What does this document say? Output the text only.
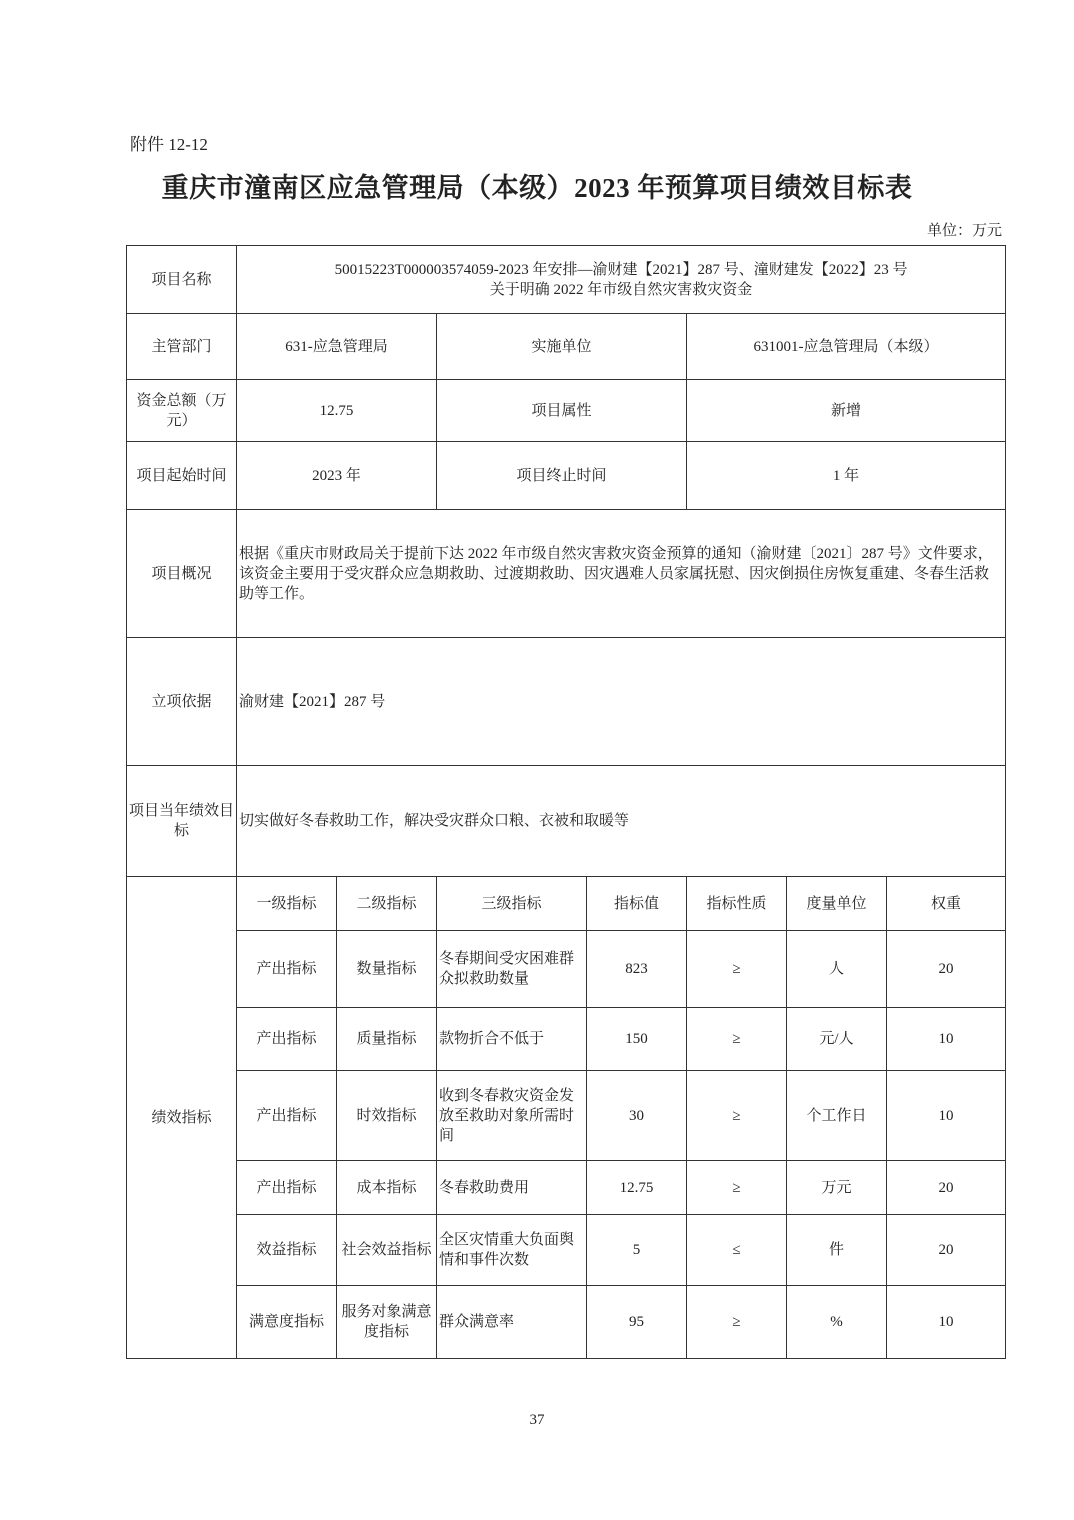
附件 12-12
重庆市潼南区应急管理局（本级）2023 年预算项目绩效目标表
单位：万元
项目名称	50015223T000003574059-2023 年安排—渝财建【2021】287 号、潼财建发【2022】23 号
关于明确 2022 年市级自然灾害救灾资金						

主管部门	631-应急管理局		实施单位		631001-应急管理局（本级）		
资金总额（万元）	12.75		项目属性		新增		
项目起始时间	2023 年		项目终止时间		1 年		
项目概况	根据《重庆市财政局关于提前下达 2022 年市级自然灾害救灾资金预算的通知（渝财建〔2021〕287 号》文件要求，该资金主要用于受灾群众应急期救助、过渡期救助、因灾遇难人员家属抚慰、因灾倒损住房恢复重建、冬春生活救助等工作。						
立项依据	渝财建【2021】287 号						
项目当年绩效目标	切实做好冬春救助工作，解决受灾群众口粮、衣被和取暖等						
绩效指标	一级指标	二级指标	三级指标	指标值	指标性质	度量单位	权重
	产出指标	数量指标	冬春期间受灾困难群众拟救助数量	823	≥	人	20
	产出指标	质量指标	款物折合不低于	150	≥	元/人	10
	产出指标	时效指标	收到冬春救灾资金发放至救助对象所需时间	30	≥	个工作日	10
	产出指标	成本指标	冬春救助费用	12.75	≥	万元	20
	效益指标	社会效益指标	全区灾情重大负面舆情和事件次数	5	≤	件	20
	满意度指标	服务对象满意度指标	群众满意率	95	≥	%	10
37
